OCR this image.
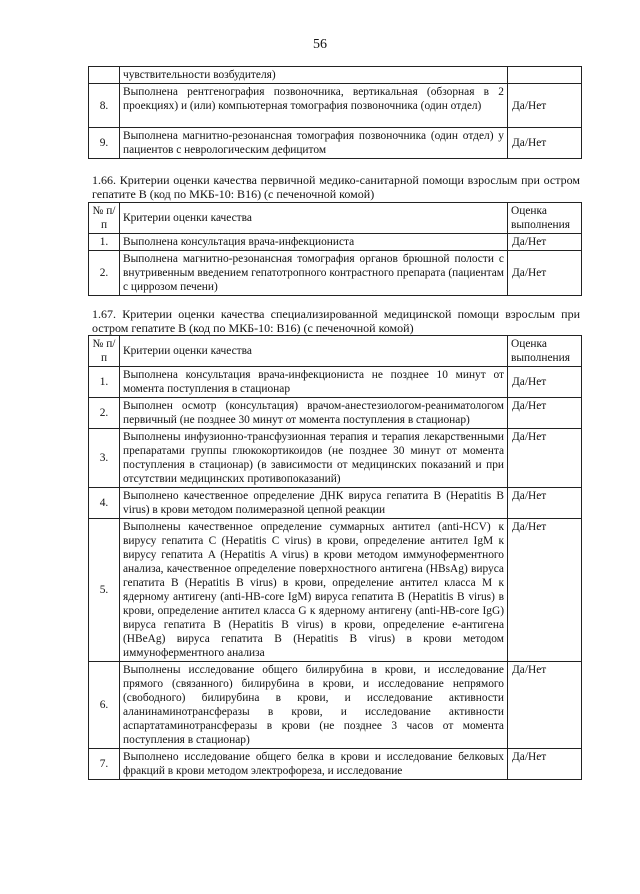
56
	чувствительности возбудителя)	
8.	Выполнена рентгенография позвоночника, вертикальная (обзорная в 2 проекциях) и (или) компьютерная томография позвоночника (один отдел)	Да/Нет
9.	Выполнена магнитно-резонансная томография позвоночника (один отдел) у пациентов с неврологическим дефицитом	Да/Нет
1.66. Критерии оценки качества первичной медико-санитарной помощи взрослым при остром гепатите B (код по МКБ-10: B16) (с печеночной комой)
№ п/п	Критерии оценки качества	Оценка выполнения
1.	Выполнена консультация врача-инфекциониста	Да/Нет
2.	Выполнена магнитно-резонансная томография органов брюшной полости с внутривенным введением гепатотропного контрастного препарата (пациентам с циррозом печени)	Да/Нет
1.67. Критерии оценки качества специализированной медицинской помощи взрослым при остром гепатите B (код по МКБ-10: B16) (с печеночной комой)
№ п/п	Критерии оценки качества	Оценка выполнения
1.	Выполнена консультация врача-инфекциониста не позднее 10 минут от момента поступления в стационар	Да/Нет
2.	Выполнен осмотр (консультация) врачом-анестезиологом-реаниматологом первичный (не позднее 30 минут от момента поступления в стационар)	Да/Нет
3.	Выполнены инфузионно-трансфузионная терапия и терапия лекарственными препаратами группы глюкокортикоидов (не позднее 30 минут от момента поступления в стационар) (в зависимости от медицинских показаний и при отсутствии медицинских противопоказаний)	Да/Нет
4.	Выполнено качественное определение ДНК вируса гепатита B (Hepatitis B virus) в крови методом полимеразной цепной реакции	Да/Нет
5.	Выполнены качественное определение суммарных антител (anti-HCV) к вирусу гепатита C (Hepatitis C virus) в крови, определение антител IgM к вирусу гепатита A (Hepatitis A virus) в крови методом иммуноферментного анализа, качественное определение поверхностного антигена (HBsAg) вируса гепатита B (Hepatitis B virus) в крови, определение антител класса M к ядерному антигену (anti-HB-core IgM) вируса гепатита B (Hepatitis B virus) в крови, определение антител класса G к ядерному антигену (anti-HB-core IgG) вируса гепатита B (Hepatitis B virus) в крови, определение e-антигена (HBeAg) вируса гепатита B (Hepatitis B virus) в крови методом иммуноферментного анализа	Да/Нет
6.	Выполнены исследование общего билирубина в крови, и исследование прямого (связанного) билирубина в крови, и исследование непрямого (свободного) билирубина в крови, и исследование активности аланинаминотрансферазы в крови, и исследование активности аспартатаминотрансферазы в крови (не позднее 3 часов от момента поступления в стационар)	Да/Нет
7.	Выполнено исследование общего белка в крови и исследование белковых фракций в крови методом электрофореза, и исследование	Да/Нет
